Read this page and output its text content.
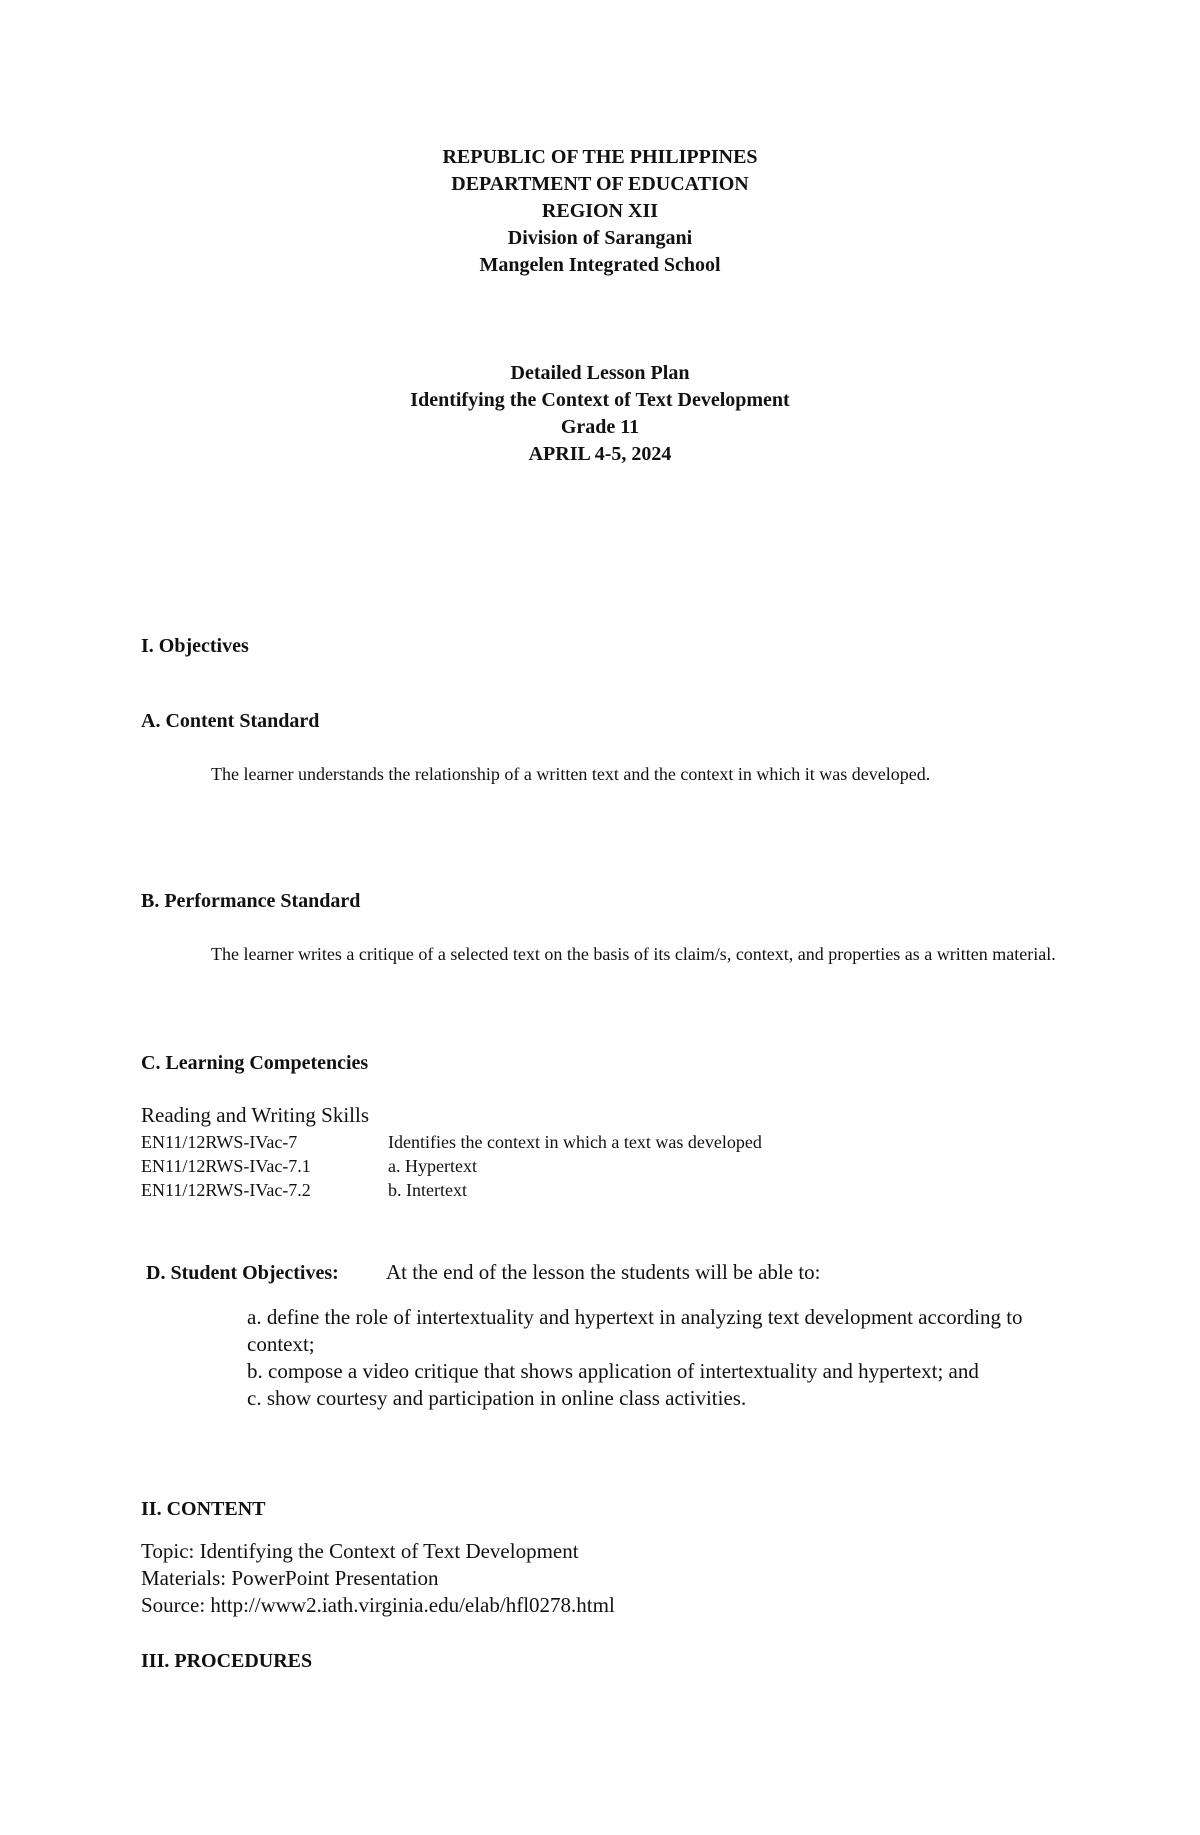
REPUBLIC OF THE PHILIPPINES
DEPARTMENT OF EDUCATION
REGION XII
Division of Sarangani
Mangelen Integrated School
Detailed Lesson Plan
Identifying the Context of Text Development
Grade 11
APRIL 4-5, 2024
I. Objectives
A. Content Standard
The learner understands the relationship of a written text and the context in which it was developed.
B. Performance Standard
The learner writes a critique of a selected text on the basis of its claim/s, context, and properties as a written material.
C. Learning Competencies
Reading and Writing Skills
EN11/12RWS-IVac-7	Identifies the context in which a text was developed
EN11/12RWS-IVac-7.1	a. Hypertext
EN11/12RWS-IVac-7.2	b. Intertext
D. Student Objectives: At the end of the lesson the students will be able to:
a. define the role of intertextuality and hypertext in analyzing text development according to context;
b. compose a video critique that shows application of intertextuality and hypertext; and
c. show courtesy and participation in online class activities.
II. CONTENT
Topic: Identifying the Context of Text Development
Materials: PowerPoint Presentation
Source: http://www2.iath.virginia.edu/elab/hfl0278.html
III. PROCEDURES
